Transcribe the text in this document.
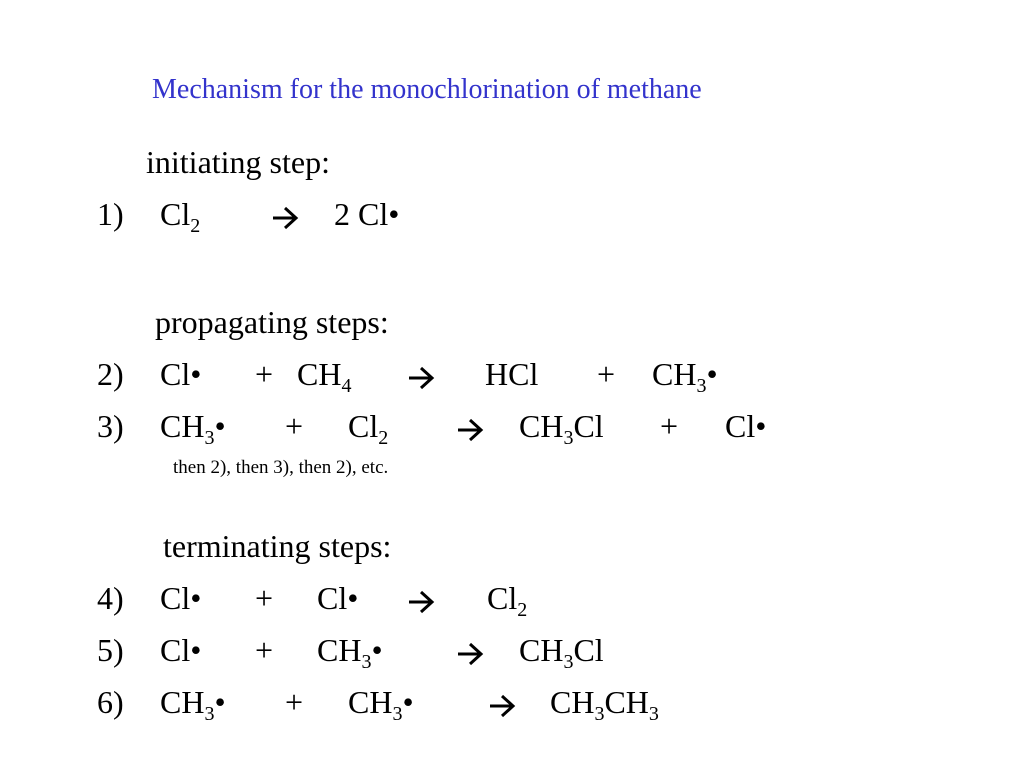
Mechanism for the monochlorination of methane
initiating step:
1) $Cl_2 \to 2$ Cl•
propagating steps:
2) Cl• + $CH_4$	HCl + $CH_3•$
3) $CH_3• + Cl_2 \to CH_3Cl$ + Cl•
then 2), then 3), then 2), etc.
terminating steps:
4) Cl• + Cl•	$Cl_2$
5) Cl• + $CH_3• \to CH_3Cl$
6) $CH_3•$ + $CH_3• \to CH_3CH_3$
